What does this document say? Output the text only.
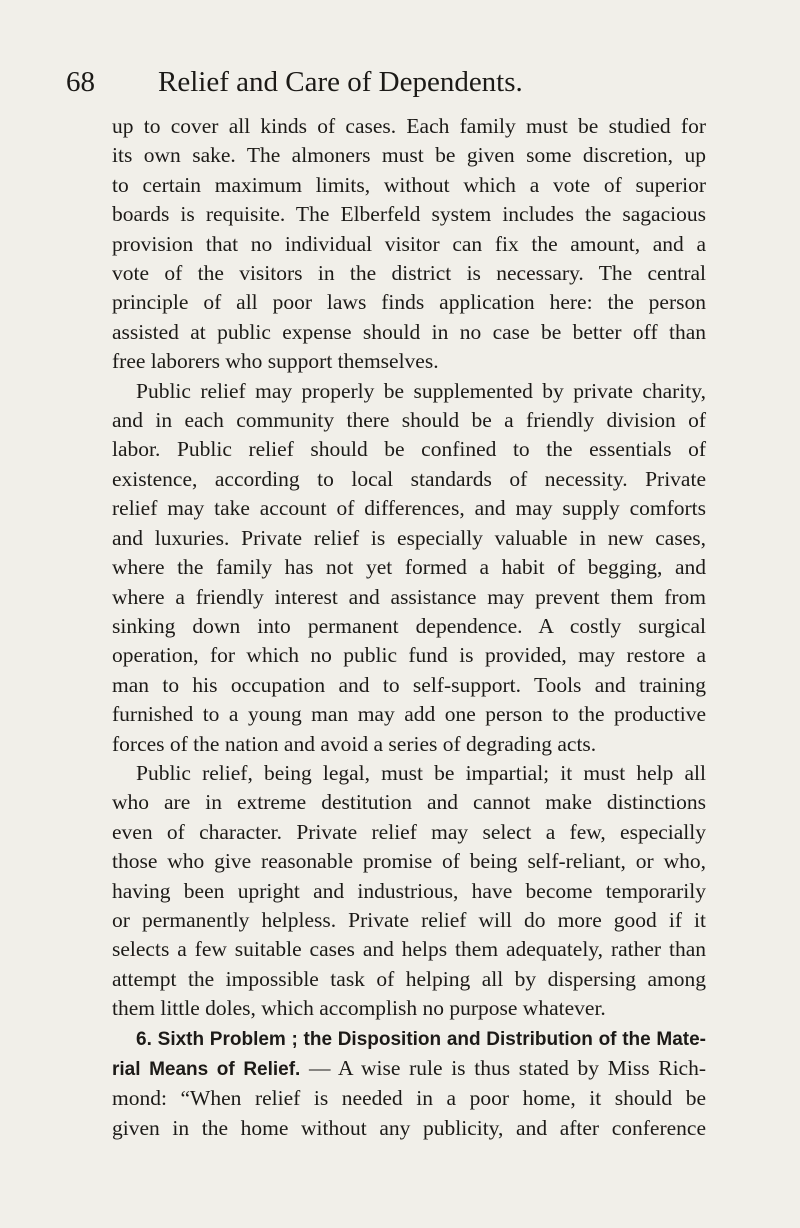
68 Relief and Care of Dependents.
up to cover all kinds of cases. Each family must be studied for
its own sake. The almoners must be given some discretion, up
to certain maximum limits, without which a vote of superior
boards is requisite. The Elberfeld system includes the sagacious
provision that no individual visitor can fix the amount, and a
vote of the visitors in the district is necessary. The central
principle of all poor laws finds application here: the person
assisted at public expense should in no case be better off than
free laborers who support themselves.
Public relief may properly be supplemented by private charity,
and in each community there should be a friendly division of
labor. Public relief should be confined to the essentials of
existence, according to local standards of necessity. Private
relief may take account of differences, and may supply comforts
and luxuries. Private relief is especially valuable in new cases,
where the family has not yet formed a habit of begging, and
where a friendly interest and assistance may prevent them from
sinking down into permanent dependence. A costly surgical
operation, for which no public fund is provided, may restore a
man to his occupation and to self-support. Tools and training
furnished to a young man may add one person to the productive
forces of the nation and avoid a series of degrading acts.
Public relief, being legal, must be impartial; it must help all
who are in extreme destitution and cannot make distinctions
even of character. Private relief may select a few, especially
those who give reasonable promise of being self-reliant, or who,
having been upright and industrious, have become temporarily
or permanently helpless. Private relief will do more good if it
selects a few suitable cases and helps them adequately, rather than
attempt the impossible task of helping all by dispersing among
them little doles, which accomplish no purpose whatever.
6. Sixth Problem ; the Disposition and Distribution of the Mate-
rial Means of Relief. — A wise rule is thus stated by Miss Rich-
mond: “When relief is needed in a poor home, it should be
given in the home without any publicity, and after conference
